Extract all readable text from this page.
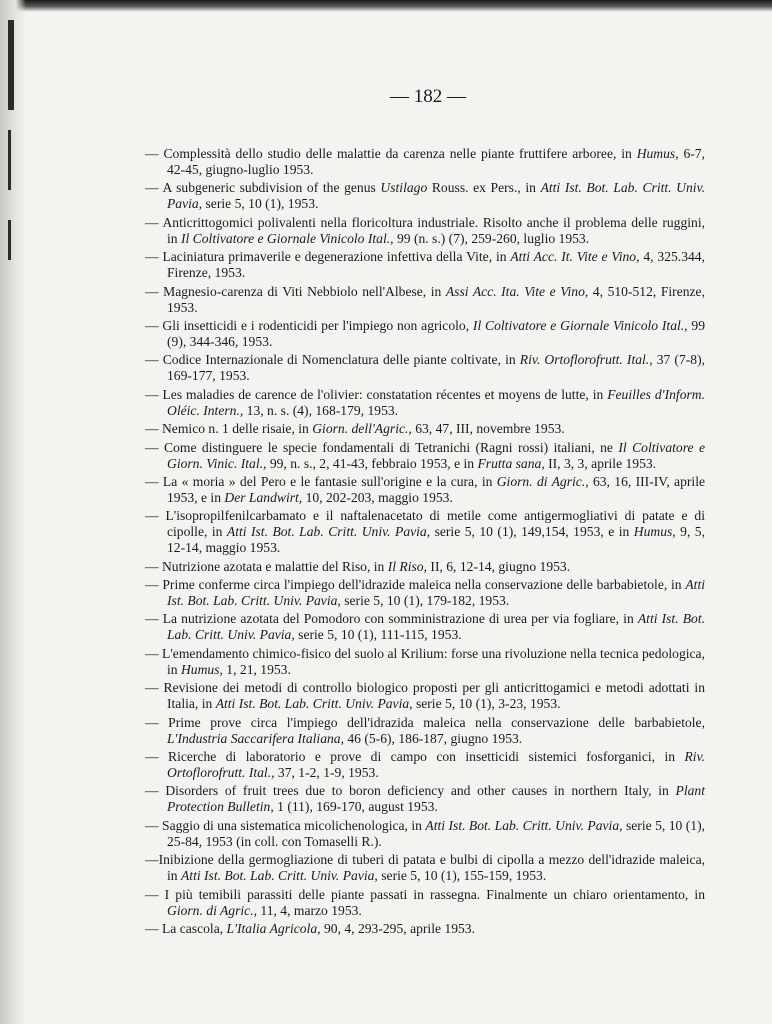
— 182 —

— Complessità dello studio delle malattie da carenza nelle piante fruttifere arboree, in Humus, 6-7, 42-45, giugno-luglio 1953.

— A subgeneric subdivision of the genus Ustilago Rouss. ex Pers., in Atti Ist. Bot. Lab. Critt. Univ. Pavia, serie 5, 10 (1), 1953.

— Anticrittogomici polivalenti nella floricoltura industriale. Risolto anche il problema delle ruggini, in Il Coltivatore e Giornale Vinicolo Ital., 99 (n. s.) (7), 259-260, luglio 1953.

— Laciniatura primaverile e degenerazione infettiva della Vite, in Atti Acc. It. Vite e Vino, 4, 325.344, Firenze, 1953.

— Magnesio-carenza di Viti Nebbiolo nell'Albese, in Assi Acc. Ita. Vite e Vino, 4, 510-512, Firenze, 1953.

— Gli insetticidi e i rodenticidi per l'impiego non agricolo, Il Coltivatore e Giornale Vinicolo Ital., 99 (9), 344-346, 1953.

— Codice Internazionale di Nomenclatura delle piante coltivate, in Riv. Ortoflorofrutt. Ital., 37 (7-8), 169-177, 1953.

— Les maladies de carence de l'olivier: constatation récentes et moyens de lutte, in Feuilles d'Inform. Oléic. Intern., 13, n. s. (4), 168-179, 1953.

— Nemico n. 1 delle risaie, in Giorn. dell'Agric., 63, 47, III, novembre 1953.

— Come distinguere le specie fondamentali di Tetranichi (Ragni rossi) italiani, ne Il Coltivatore e Giorn. Vinic. Ital., 99, n. s., 2, 41-43, febbraio 1953, e in Frutta sana, II, 3, 3, aprile 1953.

— La « moria » del Pero e le fantasie sull'origine e la cura, in Giorn. di Agric., 63, 16, III-IV, aprile 1953, e in Der Landwirt, 10, 202-203, maggio 1953.

— L'isopropilfenilcarbamato e il naftalenacetato di metile come antigermogliativi di patate e di cipolle, in Atti Ist. Bot. Lab. Critt. Univ. Pavia, serie 5, 10 (1), 149,154, 1953, e in Humus, 9, 5, 12-14, maggio 1953.

— Nutrizione azotata e malattie del Riso, in Il Riso, II, 6, 12-14, giugno 1953.

— Prime conferme circa l'impiego dell'idrazide maleica nella conservazione delle barbabietole, in Atti Ist. Bot. Lab. Critt. Univ. Pavia, serie 5, 10 (1), 179-182, 1953.

— La nutrizione azotata del Pomodoro con somministrazione di urea per via fogliare, in Atti Ist. Bot. Lab. Critt. Univ. Pavia, serie 5, 10 (1), 111-115, 1953.

— L'emendamento chimico-fisico del suolo al Krilium: forse una rivoluzione nella tecnica pedologica, in Humus, 1, 21, 1953.

— Revisione dei metodi di controllo biologico proposti per gli anticrittogamici e metodi adottati in Italia, in Atti Ist. Bot. Lab. Critt. Univ. Pavia, serie 5, 10 (1), 3-23, 1953.

— Prime prove circa l'impiego dell'idrazida maleica nella conservazione delle barbabietole, L'Industria Saccarifera Italiana, 46 (5-6), 186-187, giugno 1953.

— Ricerche di laboratorio e prove di campo con insetticidi sistemici fosforganici, in Riv. Ortoflorofrutt. Ital., 37, 1-2, 1-9, 1953.

— Disorders of fruit trees due to boron deficiency and other causes in northern Italy, in Plant Protection Bulletin, 1 (11), 169-170, august 1953.

— Saggio di una sistematica micolichenologica, in Atti Ist. Bot. Lab. Critt. Univ. Pavia, serie 5, 10 (1), 25-84, 1953 (in coll. con Tomaselli R.).

—Inibizione della germogliazione di tuberi di patata e bulbi di cipolla a mezzo dell'idrazide maleica, in Atti Ist. Bot. Lab. Critt. Univ. Pavia, serie 5, 10 (1), 155-159, 1953.

— I più temibili parassiti delle piante passati in rassegna. Finalmente un chiaro orientamento, in Giorn. di Agric., 11, 4, marzo 1953.

— La cascola, L'Italia Agricola, 90, 4, 293-295, aprile 1953.
